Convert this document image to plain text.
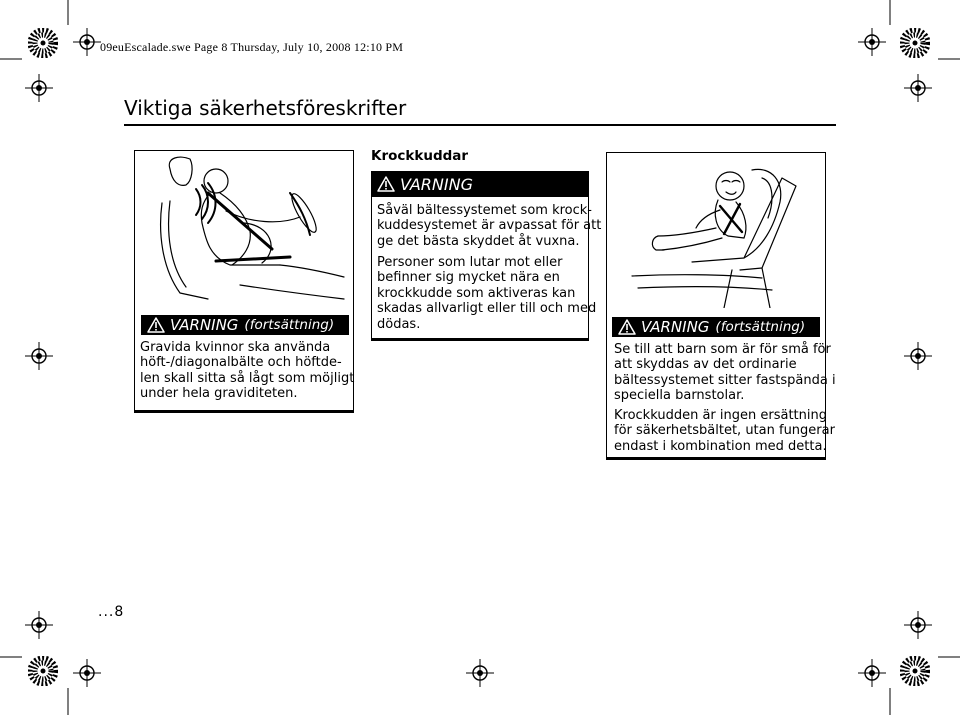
09euEscalade.swe Page 8 Thursday, July 10, 2008 12:10 PM
Viktiga säkerhetsföreskrifter
Krockkuddar
VARNING (fortsättning)
Gravida kvinnor ska använda
höft-/diagonalbälte och höftde-
len skall sitta så lågt som möjligt
under hela graviditeten.
VARNING
Såväl bältessystemet som krock-
kuddesystemet är avpassat för att
ge det bästa skyddet åt vuxna.
Personer som lutar mot eller
befinner sig mycket nära en
krockkudde som aktiveras kan
skadas allvarligt eller till och med
dödas.	VARNING (fortsättning)
Se till att barn som är för små för
att skyddas av det ordinarie
bältessystemet sitter fastspända i
speciella barnstolar.
Krockkudden är ingen ersättning
för säkerhetsbältet, utan fungerar
endast i kombination med detta.
...8
